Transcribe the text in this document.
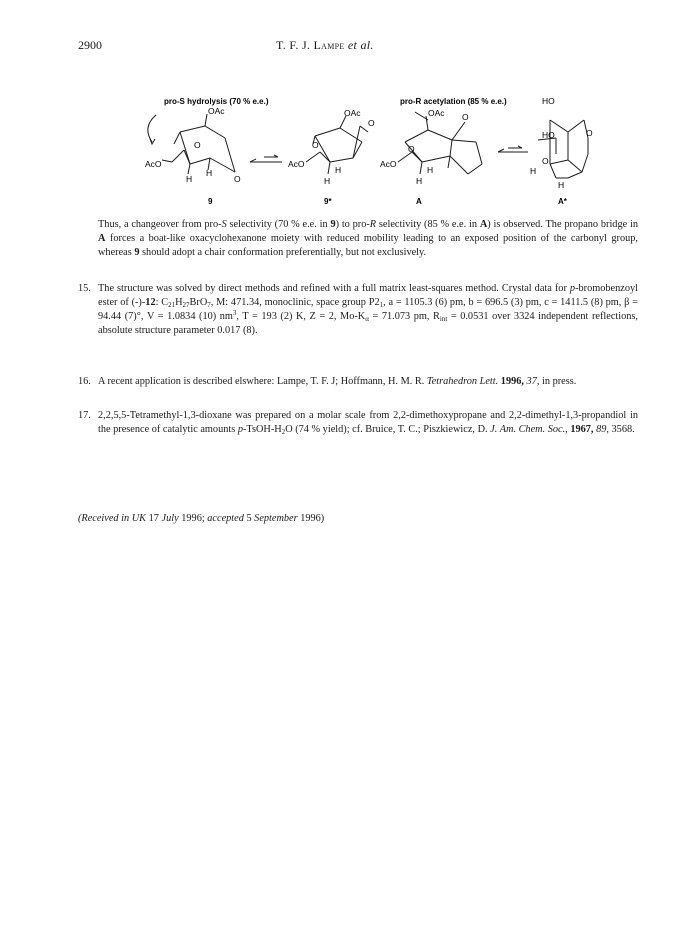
2900	T. F. J. Lampe et al.
pro-S hydrolysis (70 % e.e.)	pro-R acetylation (85 % e.e.)
OAc
O
AcO
H
H
O
OAc
O
O
AcO
H
H
OAc O
O
AcO
H
H
HO
HO	O
O
H
H
9	9*	A	A*
Thus, a changeover from pro-S selectivity (70 % e.e. in 9) to pro-R selectivity (85 % e.e. in A) is observed. The propano bridge in A forces a boat-like oxacyclohexanone moiety with reduced mobility leading to an exposed position of the carbonyl group, whereas 9 should adopt a chair conformation preferentially, but not exclusively.
15. The structure was solved by direct methods and refined with a full matrix least-squares method. Crystal data for p-bromobenzoyl ester of (-)-12: $C_{21}H_{27}BrO_7$, M: 471.34, monoclinic, space group $P2_1$, a = 1105.3 (6) pm, b = 696.5 (3) pm, c = 1411.5 (8) pm, β = 94.44 (7)°, V = 1.0834 (10) $nm^3$, T = 193 (2) K, Z = 2, $Mo-K_\alpha = 71.073$ pm, $R_{int} = 0.0531$ over 3324 independent reflections, absolute structure parameter 0.017 (8).
16. A recent application is described elswhere: Lampe, T. F. J; Hoffmann, H. M. R. Tetrahedron Lett. 1996, 37, in press.
17. 2,2,5,5-Tetramethyl-1,3-dioxane was prepared on a molar scale from 2,2-dimethoxypropane and 2,2-dimethyl-1,3-propandiol in the presence of catalytic amounts $p-TsOH-H_2O$ (74 % yield); cf. Bruice, T. C.; Piszkiewicz, D. J. Am. Chem. Soc., 1967, 89, 3568.
(Received in UK 17 July 1996; accepted 5 September 1996)
